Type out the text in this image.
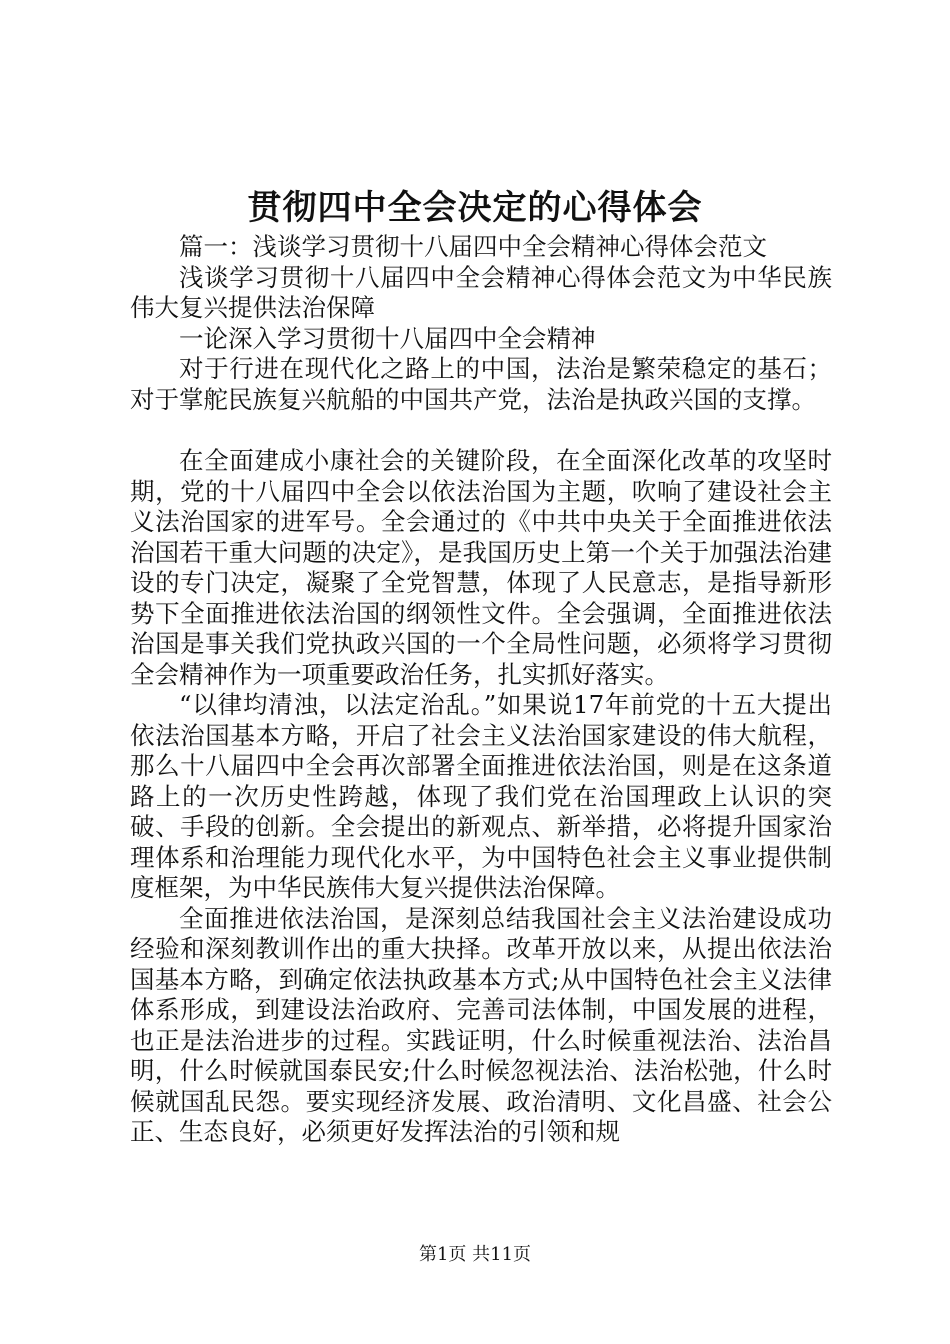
贯彻四中全会决定的心得体会

篇一：浅谈学习贯彻十八届四中全会精神心得体会范文

浅谈学习贯彻十八届四中全会精神心得体会范文为中华民族伟大复兴提供法治保障

一论深入学习贯彻十八届四中全会精神

对于行进在现代化之路上的中国，法治是繁荣稳定的基石；对于掌舵民族复兴航船的中国共产党，法治是执政兴国的支撑。

在全面建成小康社会的关键阶段，在全面深化改革的攻坚时期，党的十八届四中全会以依法治国为主题，吹响了建设社会主义法治国家的进军号。全会通过的《中共中央关于全面推进依法治国若干重大问题的决定》，是我国历史上第一个关于加强法治建设的专门决定，凝聚了全党智慧，体现了人民意志，是指导新形势下全面推进依法治国的纲领性文件。全会强调，全面推进依法治国是事关我们党执政兴国的一个全局性问题，必须将学习贯彻全会精神作为一项重要政治任务，扎实抓好落实。

“以律均清浊，以法定治乱。”如果说17年前党的十五大提出依法治国基本方略，开启了社会主义法治国家建设的伟大航程，那么十八届四中全会再次部署全面推进依法治国，则是在这条道路上的一次历史性跨越，体现了我们党在治国理政上认识的突破、手段的创新。全会提出的新观点、新举措，必将提升国家治理体系和治理能力现代化水平，为中国特色社会主义事业提供制度框架，为中华民族伟大复兴提供法治保障。

全面推进依法治国，是深刻总结我国社会主义法治建设成功经验和深刻教训作出的重大抉择。改革开放以来，从提出依法治国基本方略，到确定依法执政基本方式;从中国特色社会主义法律体系形成，到建设法治政府、完善司法体制，中国发展的进程，也正是法治进步的过程。实践证明，什么时候重视法治、法治昌明，什么时候就国泰民安;什么时候忽视法治、法治松弛，什么时候就国乱民怨。要实现经济发展、政治清明、文化昌盛、社会公正、生态良好，必须更好发挥法治的引领和规

第1页 共11页
